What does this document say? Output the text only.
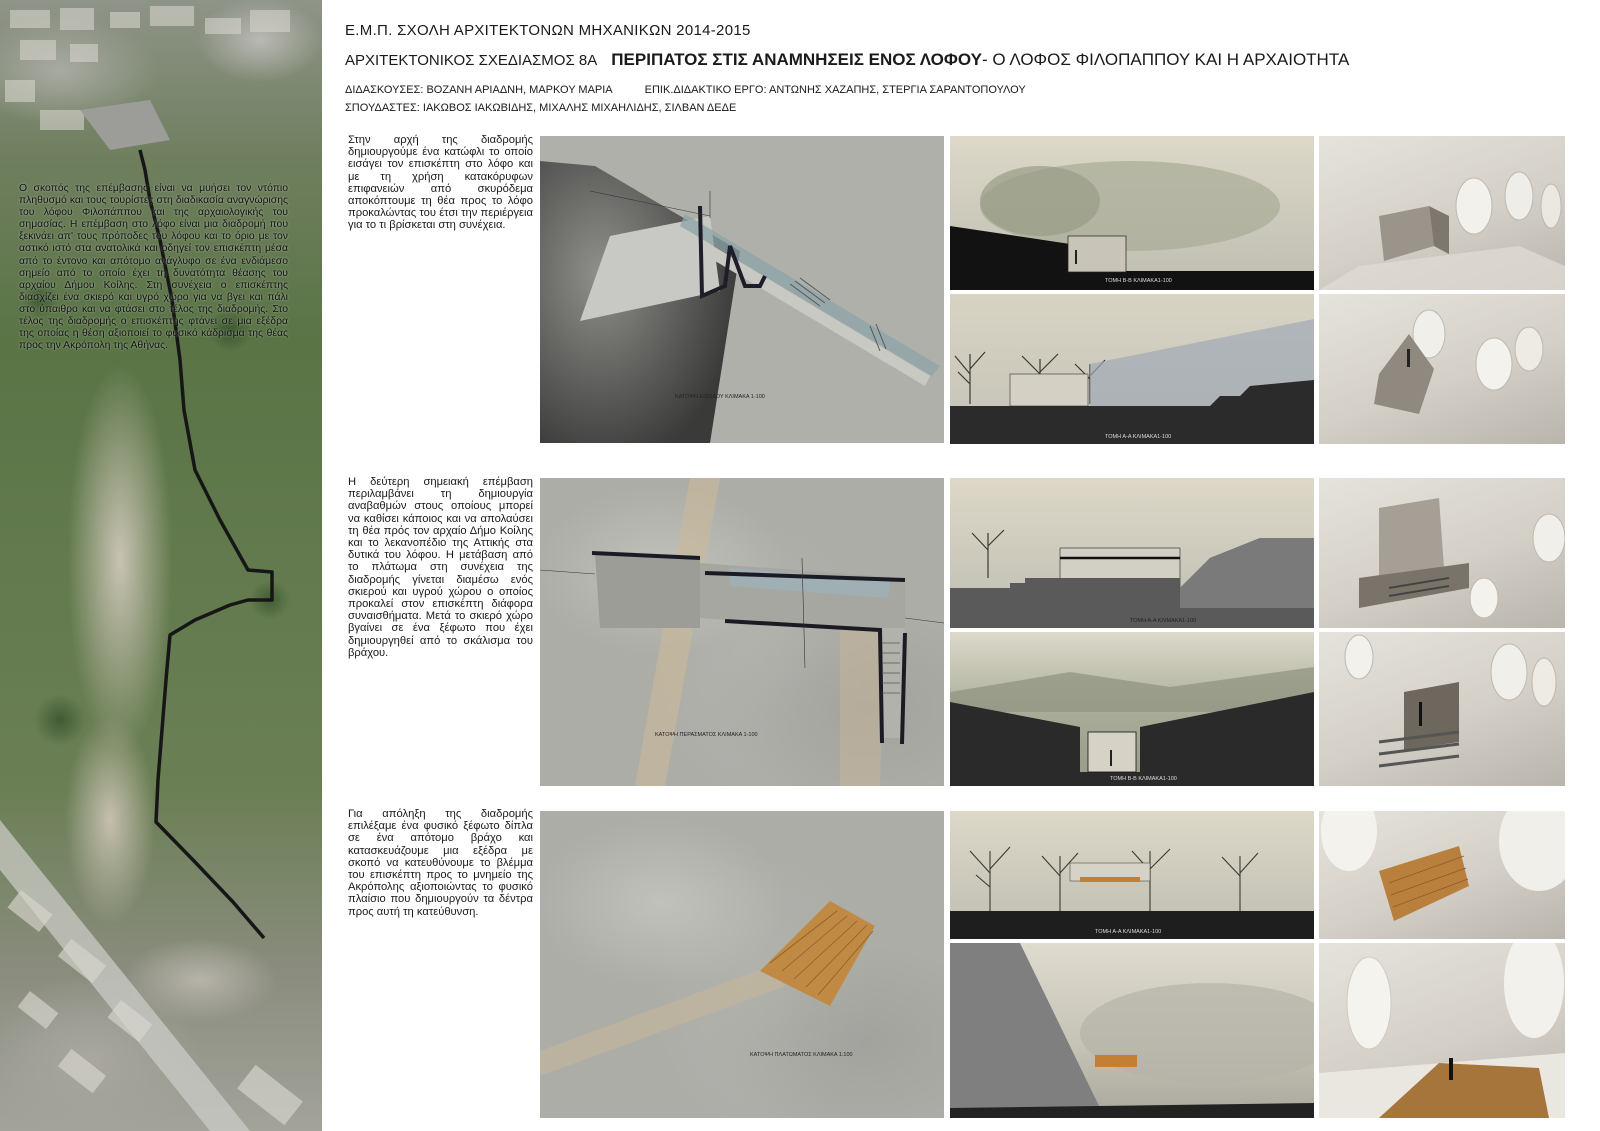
Ο σκοπός της επέμβασης είναι να μυήσει τον ντόπιο πληθυσμό και τους τουρίστες στη διαδικασία αναγνώρισης του λόφου Φιλοπάππου και της αρχαιολογικής του σημασίας. Η επέμβαση στο λόφο είναι μια διαδρομή που ξεκινάει απ' τους πρόποδες του λόφου και το όριο με τον αστικό ιστό στα ανατολικά και οδηγεί τον επισκέπτη μέσα από το έντονο και απότομο ανάγλυφο σε ένα ενδιάμεσο σημείο από το οποίο έχει τη δυνατότητα θέασης του αρχαίου Δήμου Κοίλης. Στη συνέχεια ο επισκέπτης διασχίζει ένα σκιερό και υγρό χώρο για να βγει και πάλι στο ύπαιθρο και να φτάσει στο τέλος της διαδρομής. Στο τέλος της διαδρομής ο επισκέπτης φτάνει σε μια εξέδρα της οποίας η θέση αξιοποιεί το φυσικό κάδρισμα της θέας προς την Ακρόπολη της Αθήνας.
Ε.Μ.Π. ΣΧΟΛΗ ΑΡΧΙΤΕΚΤΟΝΩΝ ΜΗΧΑΝΙΚΩΝ 2014-2015
ΑΡΧΙΤΕΚΤΟΝΙΚΟΣ ΣΧΕΔΙΑΣΜΟΣ 8Α ΠΕΡΙΠΑΤΟΣ ΣΤΙΣ ΑΝΑΜΝΗΣΕΙΣ ΕΝΟΣ ΛΟΦΟΥ- Ο ΛΟΦΟΣ ΦΙΛΟΠΑΠΠΟΥ ΚΑΙ Η ΑΡΧΑΙΟΤΗΤΑ
ΔΙΔΑΣΚΟΥΣΕΣ: ΒΟΖΑΝΗ ΑΡΙΑΔΝΗ, ΜΑΡΚΟΥ ΜΑΡΙΑ	ΕΠΙΚ.ΔΙΔΑΚΤΙΚΟ ΕΡΓΟ: ΑΝΤΩΝΗΣ ΧΑΖΑΠΗΣ, ΣΤΕΡΓΙΑ ΣΑΡΑΝΤΟΠΟΥΛΟΥ
ΣΠΟΥΔΑΣΤΕΣ: ΙΑΚΩΒΟΣ ΙΑΚΩΒΙΔΗΣ, ΜΙΧΑΛΗΣ ΜΙΧΑΗΛΙΔΗΣ, ΣΙΛΒΑΝ ΔΕΔΕ
Στην αρχή της διαδρομής δημιουργούμε ένα κατώφλι το οποίο εισάγει τον επισκέπτη στο λόφο και με τη χρήση κατακόρυφων επιφανειών από σκυρόδεμα αποκόπτουμε τη θέα προς το λόφο προκαλώντας του έτσι την περιέργεια για το τι βρίσκεται στη συνέχεια.
ΚΑΤΟΨΗ ΕΙΣΟΔΟΥ ΚΛΙΜΑΚΑ 1-100
ΤΟΜΗ Β-Β ΚΛΙΜΑΚΑ1-100
ΤΟΜΗ Α-Α ΚΛΙΜΑΚΑ1-100
Η δεύτερη σημειακή επέμβαση περιλαμβάνει τη δημιουργία αναβαθμών στους οποίους μπορεί να καθίσει κάποιος και να απολαύσει τη θέα πρός τον αρχαίο Δήμο Κοίλης και το λεκανοπέδιο της Αττικής στα δυτικά του λόφου. Η μετάβαση από το πλάτωμα στη συνέχεια της διαδρομής γίνεται διαμέσω ενός σκιερού και υγρού χώρου ο οποίος προκαλεί στον επισκέπτη διάφορα συναισθήματα. Μετά το σκιερό χώρο βγαίνει σε ένα ξέφωτο που έχει δημιουργηθεί από το σκάλισμα του βράχου.
ΚΑΤΟΨΗ ΠΕΡΑΣΜΑΤΟΣ ΚΛΙΜΑΚΑ 1-100
ΤΟΜΗ Α-Α ΚΛΙΜΑΚΑ1-100
ΤΟΜΗ Β-Β ΚΛΙΜΑΚΑ1-100
Για απόληξη της διαδρομής επιλέξαμε ένα φυσικό ξέφωτο δίπλα σε ένα απότομο βράχο και κατασκευάζουμε μια εξέδρα με σκοπό να κατευθύνουμε το βλέμμα του επισκέπτη προς το μνημείο της Ακρόπολης αξιοποιώντας το φυσικό πλαίσιο που δημιουργούν τα δέντρα προς αυτή τη κατεύθυνση.
ΚΑΤΟΨΗ ΠΛΑΤΩΜΑΤΟΣ ΚΛΙΜΑΚΑ 1:100
ΤΟΜΗ Α-Α ΚΛΙΜΑΚΑ1-100
ΤΟΜΗ Β-Β ΚΛΙΜΑΚΑ1-100
